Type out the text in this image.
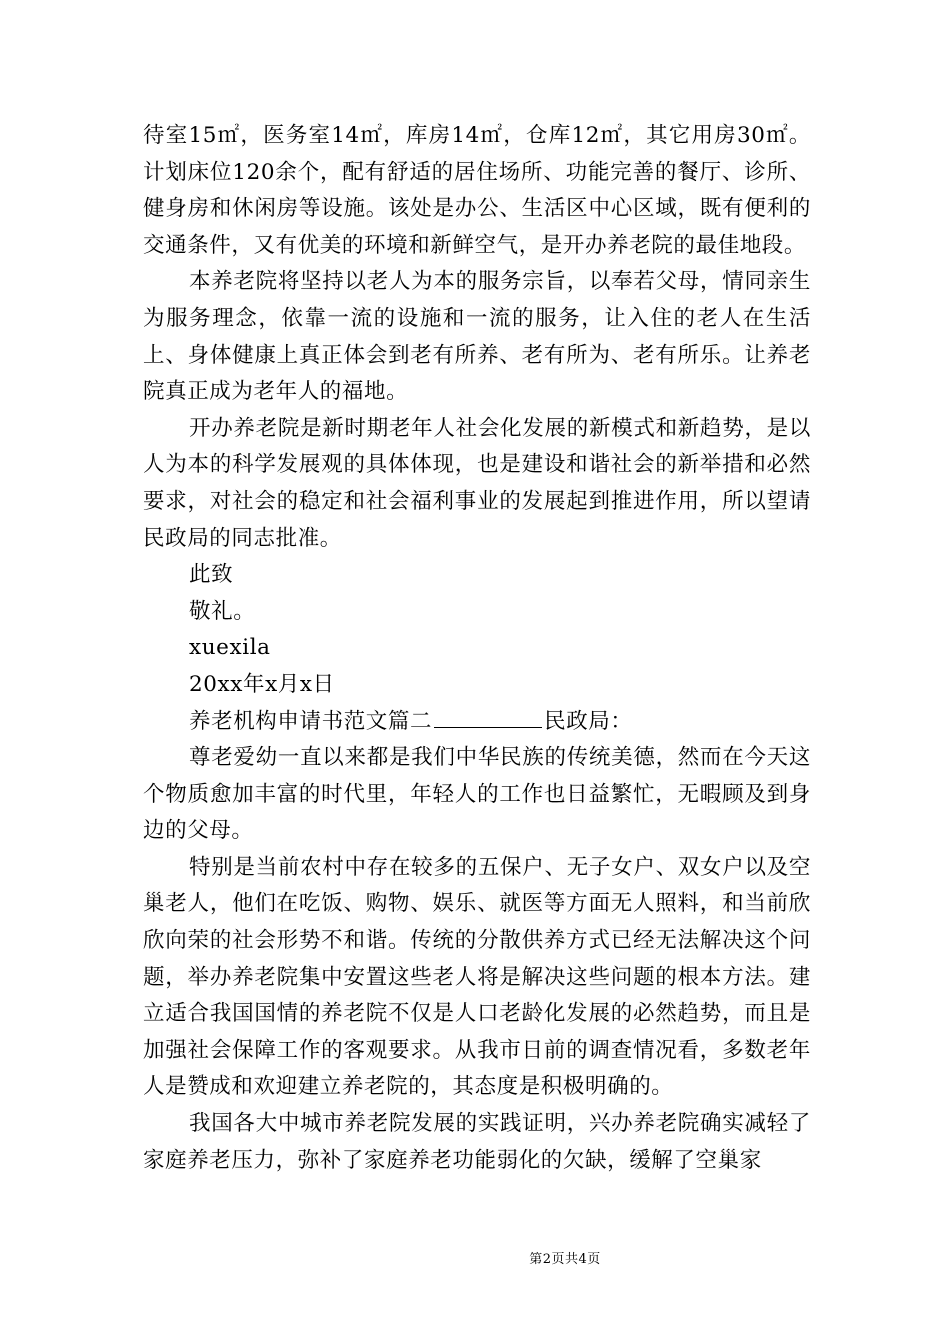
待室15㎡，医务室14㎡，库房14㎡，仓库12㎡，其它用房30㎡。计划床位120余个，配有舒适的居住场所、功能完善的餐厅、诊所、健身房和休闲房等设施。该处是办公、生活区中心区域，既有便利的交通条件，又有优美的环境和新鲜空气，是开办养老院的最佳地段。

本养老院将坚持以老人为本的服务宗旨，以奉若父母，情同亲生为服务理念，依靠一流的设施和一流的服务，让入住的老人在生活上、身体健康上真正体会到老有所养、老有所为、老有所乐。让养老院真正成为老年人的福地。

开办养老院是新时期老年人社会化发展的新模式和新趋势，是以人为本的科学发展观的具体体现，也是建设和谐社会的新举措和必然要求，对社会的稳定和社会福利事业的发展起到推进作用，所以望请民政局的同志批准。

此致

敬礼。

xuexila

20xx年x月x日

养老机构申请书范文篇二	民政局：

尊老爱幼一直以来都是我们中华民族的传统美德，然而在今天这个物质愈加丰富的时代里，年轻人的工作也日益繁忙，无暇顾及到身边的父母。

特别是当前农村中存在较多的五保户、无子女户、双女户以及空巢老人，他们在吃饭、购物、娱乐、就医等方面无人照料，和当前欣欣向荣的社会形势不和谐。传统的分散供养方式已经无法解决这个问题，举办养老院集中安置这些老人将是解决这些问题的根本方法。建立适合我国国情的养老院不仅是人口老龄化发展的必然趋势，而且是加强社会保障工作的客观要求。从我市日前的调查情况看，多数老年人是赞成和欢迎建立养老院的，其态度是积极明确的。

我国各大中城市养老院发展的实践证明，兴办养老院确实减轻了家庭养老压力，弥补了家庭养老功能弱化的欠缺，缓解了空巢家

第2页共4页
